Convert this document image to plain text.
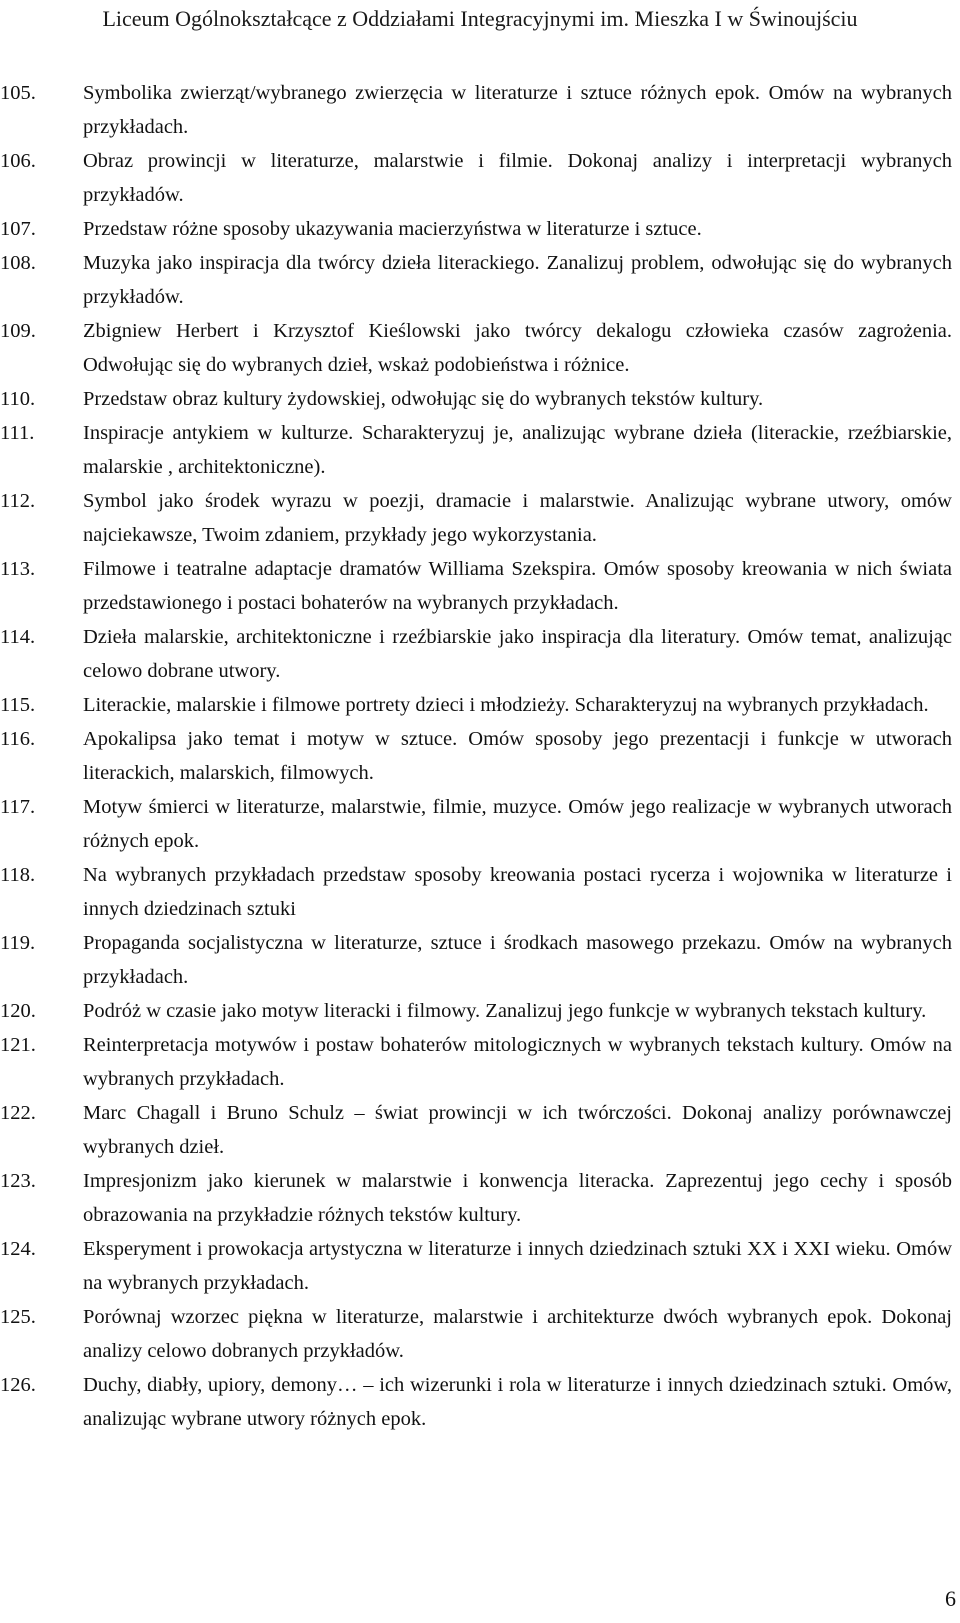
Liceum Ogólnokształcące z Oddziałami Integracyjnymi im. Mieszka I w Świnoujściu
105. Symbolika zwierząt/wybranego zwierzęcia w literaturze i sztuce różnych epok. Omów na wybranych przykładach.
106. Obraz prowincji w literaturze, malarstwie i filmie. Dokonaj analizy i interpretacji wybranych przykładów.
107. Przedstaw różne sposoby ukazywania macierzyństwa w literaturze i sztuce.
108. Muzyka jako inspiracja dla twórcy dzieła literackiego. Zanalizuj problem, odwołując się do wybranych przykładów.
109. Zbigniew Herbert i Krzysztof Kieślowski jako twórcy dekalogu człowieka czasów zagrożenia. Odwołując się do wybranych dzieł, wskaż podobieństwa i różnice.
110. Przedstaw obraz kultury żydowskiej, odwołując się do wybranych tekstów kultury.
111. Inspiracje antykiem w kulturze. Scharakteryzuj je, analizując wybrane dzieła (literackie, rzeźbiarskie, malarskie , architektoniczne).
112. Symbol jako środek wyrazu w poezji, dramacie i malarstwie. Analizując wybrane utwory, omów najciekawsze, Twoim zdaniem, przykłady jego wykorzystania.
113. Filmowe i teatralne adaptacje dramatów Williama Szekspira. Omów sposoby kreowania w nich świata przedstawionego i postaci bohaterów na wybranych przykładach.
114. Dzieła malarskie, architektoniczne i rzeźbiarskie jako inspiracja dla literatury. Omów temat, analizując celowo dobrane utwory.
115. Literackie, malarskie i filmowe portrety dzieci i młodzieży. Scharakteryzuj na wybranych przykładach.
116. Apokalipsa jako temat i motyw w sztuce. Omów sposoby jego prezentacji i funkcje w utworach literackich, malarskich, filmowych.
117. Motyw śmierci w literaturze, malarstwie, filmie, muzyce. Omów jego realizacje w wybranych utworach różnych epok.
118. Na wybranych przykładach przedstaw sposoby kreowania postaci rycerza i wojownika w literaturze i innych dziedzinach sztuki
119. Propaganda socjalistyczna w literaturze, sztuce i środkach masowego przekazu. Omów na wybranych przykładach.
120. Podróż w czasie jako motyw literacki i filmowy. Zanalizuj jego funkcje w wybranych tekstach kultury.
121. Reinterpretacja motywów i postaw bohaterów mitologicznych w wybranych tekstach kultury. Omów na wybranych przykładach.
122. Marc Chagall i Bruno Schulz – świat prowincji w ich twórczości. Dokonaj analizy porównawczej wybranych dzieł.
123. Impresjonizm jako kierunek w malarstwie i konwencja literacka. Zaprezentuj jego cechy i sposób obrazowania na przykładzie różnych tekstów kultury.
124. Eksperyment i prowokacja artystyczna w literaturze i innych dziedzinach sztuki XX i XXI wieku. Omów na wybranych przykładach.
125. Porównaj wzorzec piękna w literaturze, malarstwie i architekturze dwóch wybranych epok. Dokonaj analizy celowo dobranych przykładów.
126. Duchy, diabły, upiory, demony… – ich wizerunki i rola w literaturze i innych dziedzinach sztuki. Omów, analizując wybrane utwory różnych epok.
6
